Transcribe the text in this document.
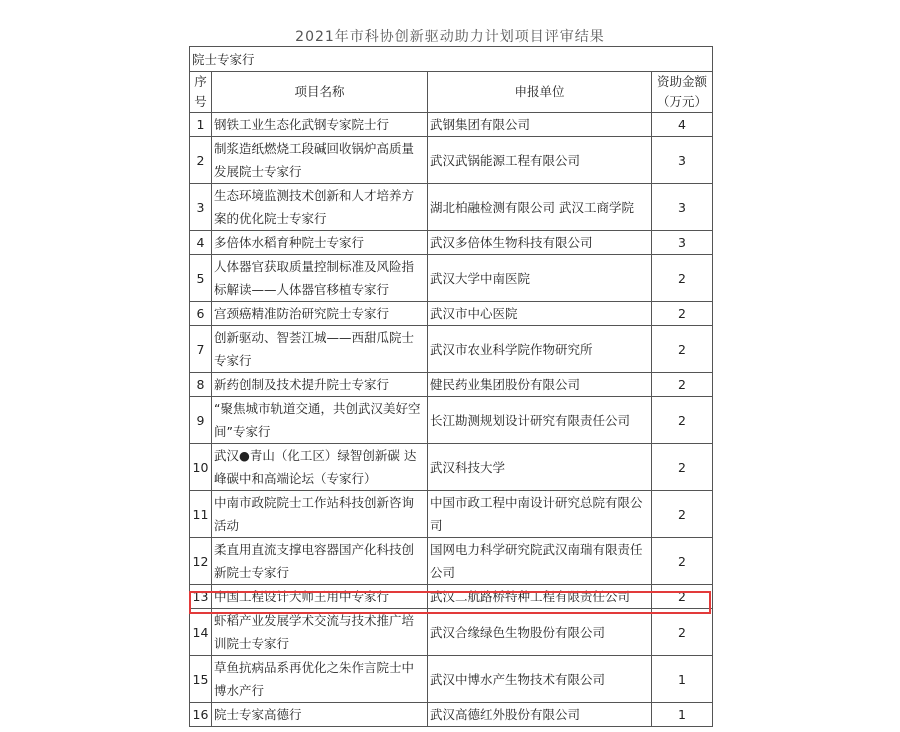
2021年市科协创新驱动助力计划项目评审结果
院士专家行			
序号	项目名称	申报单位	资助金额（万元）
1	钢铁工业生态化武钢专家院士行	武钢集团有限公司	4
2	制浆造纸燃烧工段碱回收锅炉高质量发展院士专家行	武汉武锅能源工程有限公司	3
3	生态环境监测技术创新和人才培养方案的优化院士专家行	湖北柏融检测有限公司 武汉工商学院	3
4	多倍体水稻育种院士专家行	武汉多倍体生物科技有限公司	3
5	人体器官获取质量控制标准及风险指标解读——人体器官移植专家行	武汉大学中南医院	2
6	宫颈癌精准防治研究院士专家行	武汉市中心医院	2
7	创新驱动、智荟江城——西甜瓜院士专家行	武汉市农业科学院作物研究所	2
8	新药创制及技术提升院士专家行	健民药业集团股份有限公司	2
9	“聚焦城市轨道交通，共创武汉美好空间”专家行	长江勘测规划设计研究有限责任公司	2
10	武汉●青山（化工区）绿智创新碳 达峰碳中和高端论坛（专家行）	武汉科技大学	2
11	中南市政院院士工作站科技创新咨询活动	中国市政工程中南设计研究总院有限公司	2
12	柔直用直流支撑电容器国产化科技创新院士专家行	国网电力科学研究院武汉南瑞有限责任公司	2
13	中国工程设计大师王用中专家行	武汉二航路桥特种工程有限责任公司	2
14	虾稻产业发展学术交流与技术推广培训院士专家行	武汉合缘绿色生物股份有限公司	2
15	草鱼抗病品系再优化之朱作言院士中博水产行	武汉中博水产生物技术有限公司	1
16	院士专家高德行	武汉高德红外股份有限公司	1
